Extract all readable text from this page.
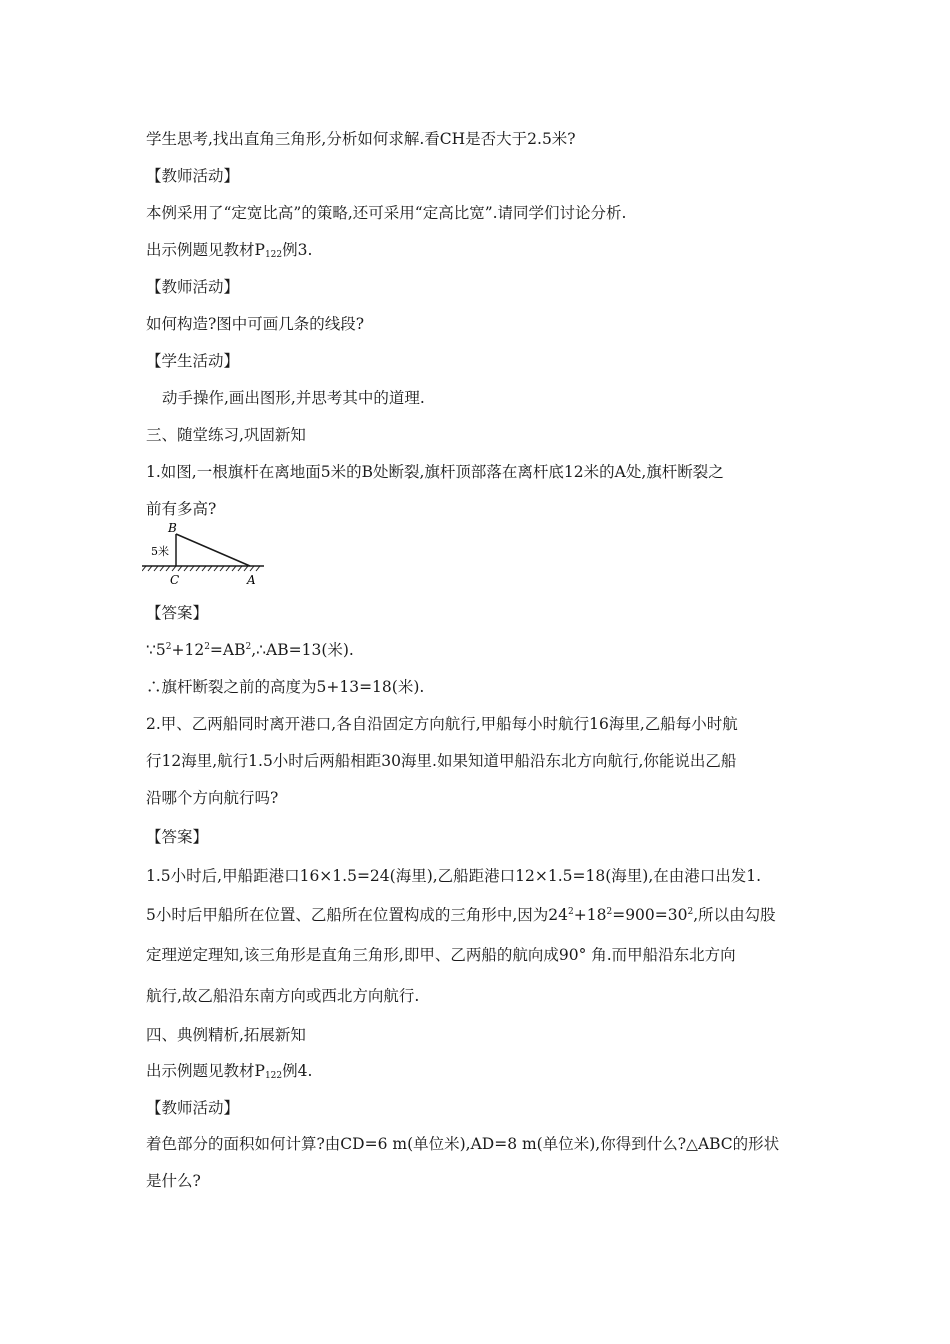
学生思考,找出直角三角形,分析如何求解.看CH是否大于2.5米?
【教师活动】
本例采用了“定宽比高”的策略,还可采用“定高比宽”.请同学们讨论分析.
出示例题见教材$P_{122}$例3.
【教师活动】
如何构造?图中可画几条的线段?
【学生活动】
动手操作,画出图形,并思考其中的道理.
三、随堂练习,巩固新知
1.如图,一根旗杆在离地面5米的B处断裂,旗杆顶部落在离杆底12米的A处,旗杆断裂之
前有多高?
B
5米
C	A
【答案】
$\because 5^2+12^2=AB^2,\therefore AB=13$(米).
∴旗杆断裂之前的高度为5+13=18(米).
2.甲、乙两船同时离开港口,各自沿固定方向航行,甲船每小时航行16海里,乙船每小时航
行12海里,航行1.5小时后两船相距30海里.如果知道甲船沿东北方向航行,你能说出乙船
沿哪个方向航行吗?
【答案】
1.5小时后,甲船距港口16×1.5=24(海里),乙船距港口12×1.5=18(海里),在由港口出发1.
5小时后甲船所在位置、乙船所在位置构成的三角形中,因为$24^2+18^2=900=30^2$,所以由勾股
定理逆定理知,该三角形是直角三角形,即甲、乙两船的航向成90° 角.而甲船沿东北方向
航行,故乙船沿东南方向或西北方向航行.
四、典例精析,拓展新知
出示例题见教材$P_{122}$例4.
【教师活动】
着色部分的面积如何计算?由CD=6 m(单位米),AD=8 m(单位米),你得到什么?△ABC的形状
是什么?
